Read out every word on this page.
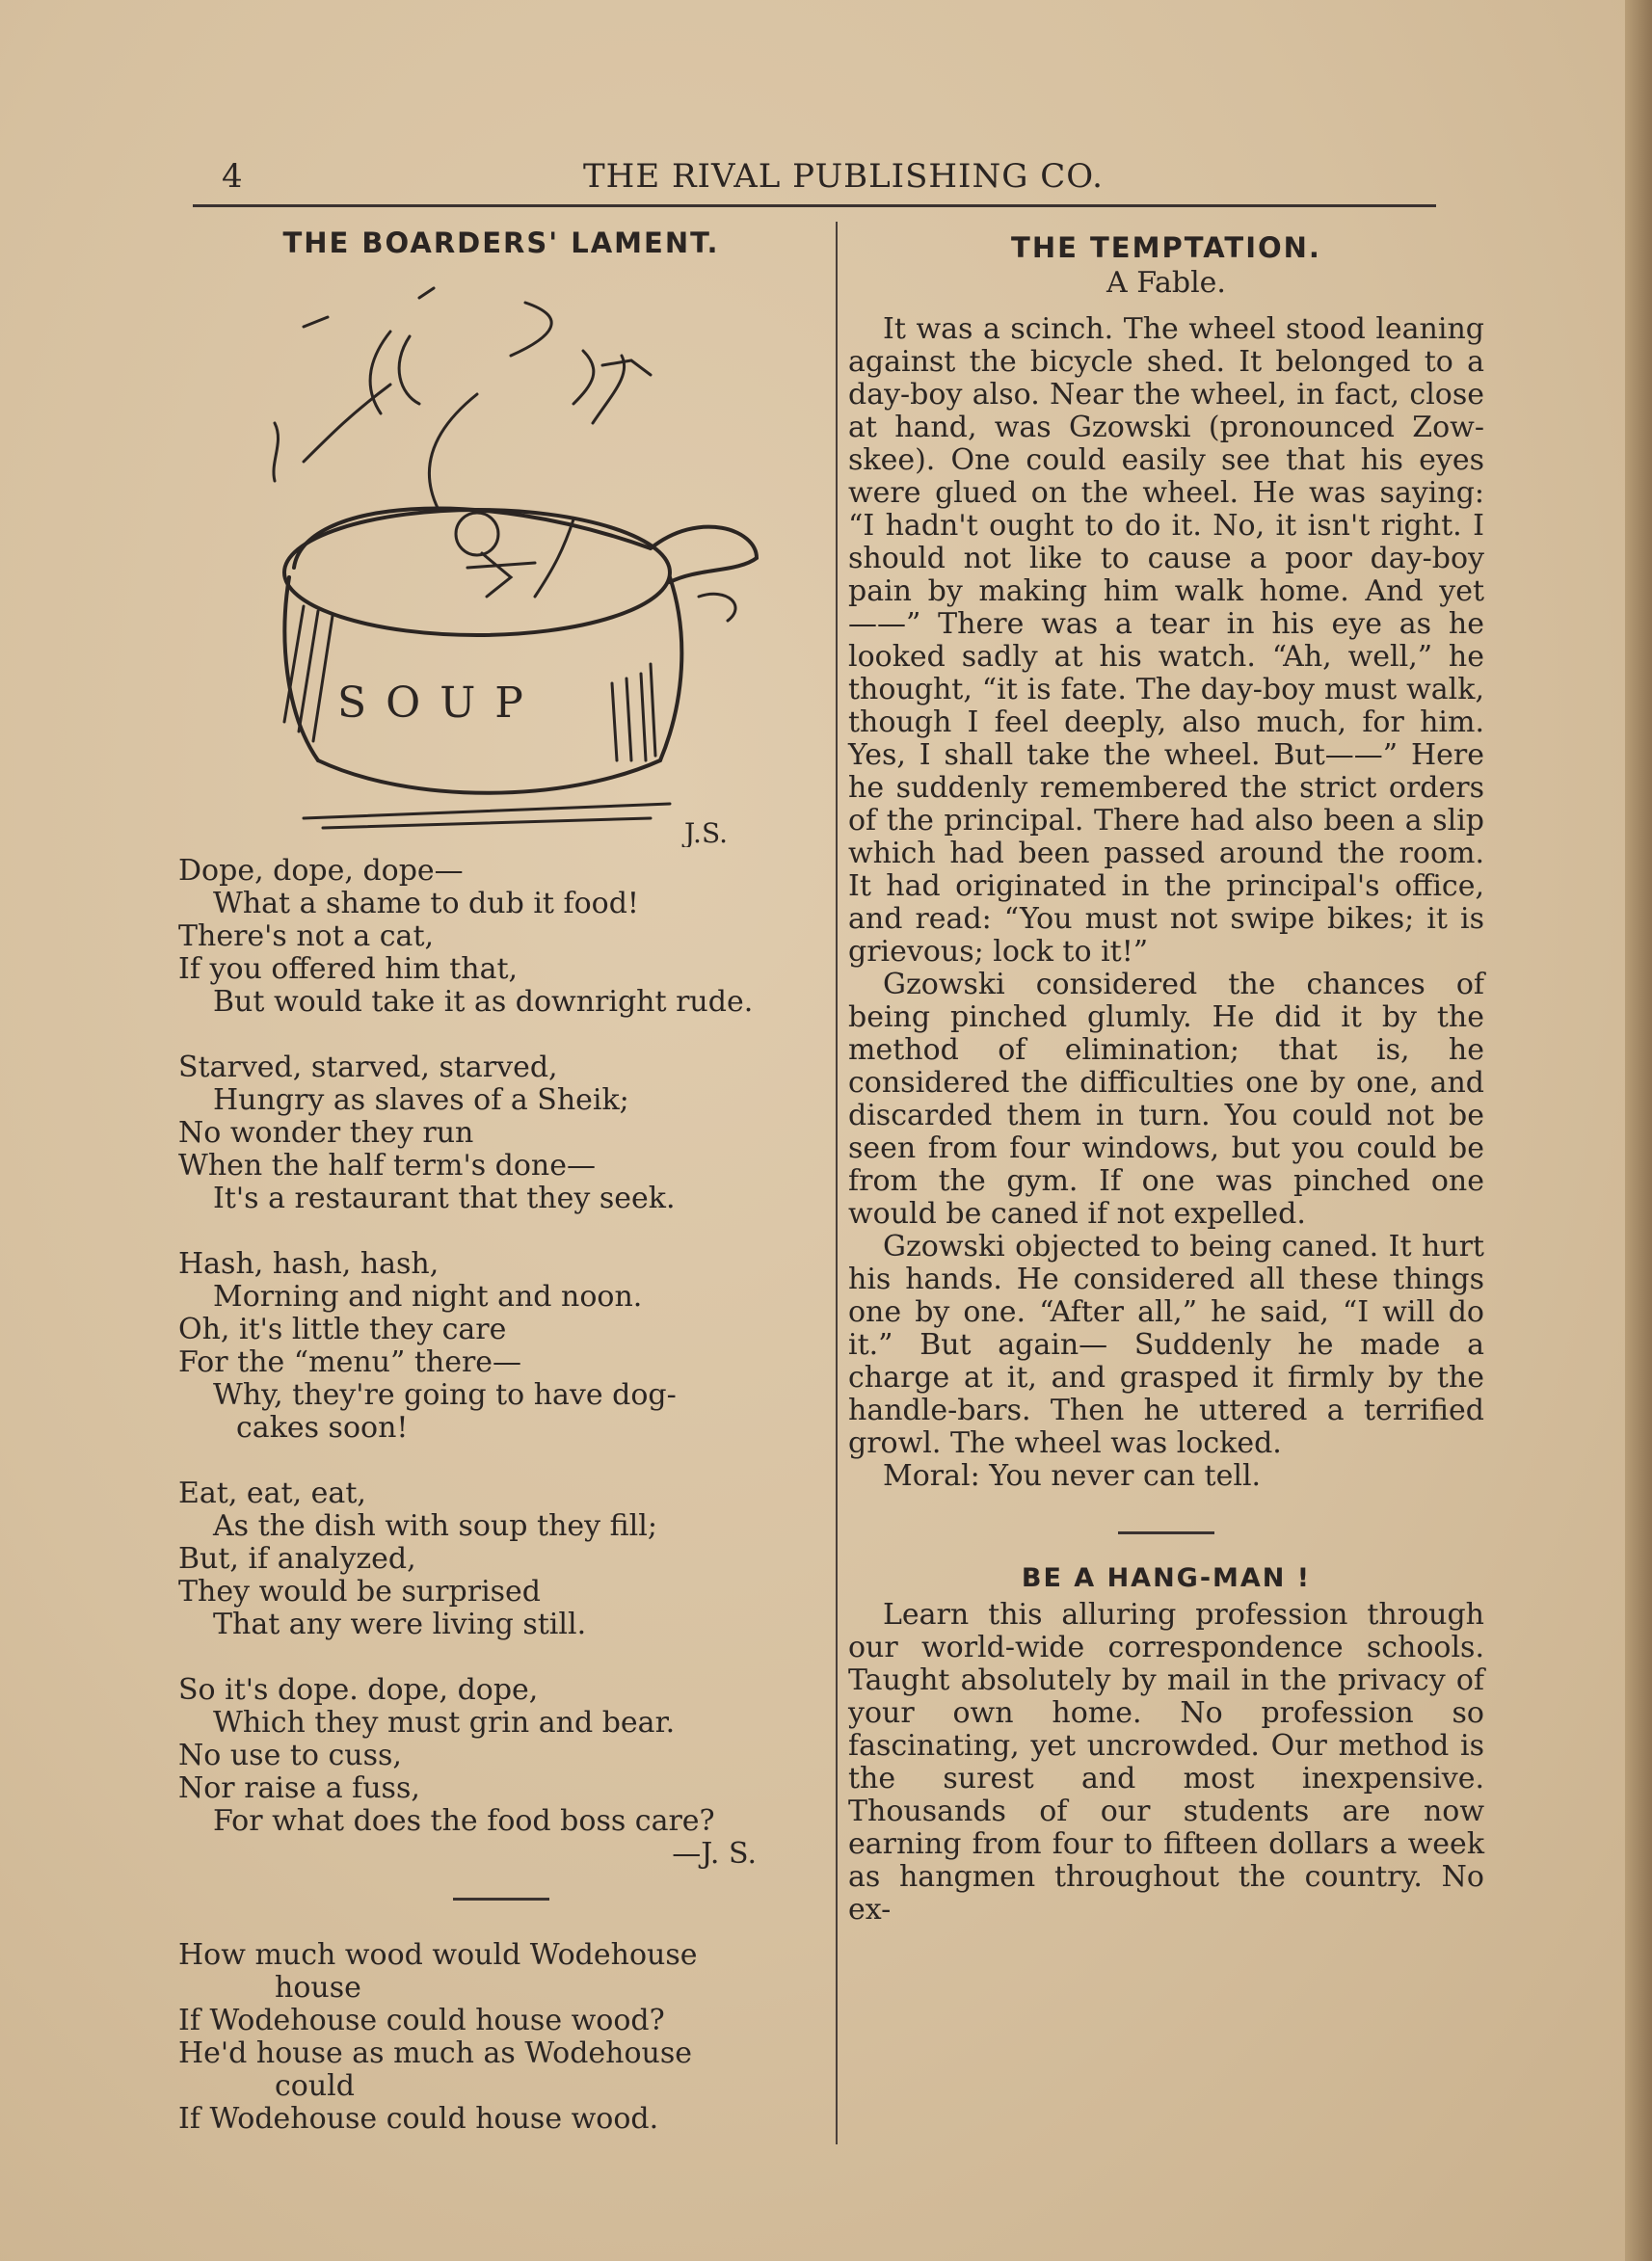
4	THE RIVAL PUBLISHING CO.
THE BOARDERS' LAMENT.
SOUP
J.S.
Dope, dope, dope—
What a shame to dub it food!
There's not a cat,
If you offered him that,
But would take it as downright rude.
Starved, starved, starved,
Hungry as slaves of a Sheik;
No wonder they run
When the half term's done—
It's a restaurant that they seek.
Hash, hash, hash,
Morning and night and noon.
Oh, it's little they care
For the “menu” there—
Why, they're going to have dog-
cakes soon!
Eat, eat, eat,
As the dish with soup they fill;
But, if analyzed,
They would be surprised
That any were living still.
So it's dope. dope, dope,
Which they must grin and bear.
No use to cuss,
Nor raise a fuss,
For what does the food boss care?
—J. S.
How much wood would Wodehouse
house
If Wodehouse could house wood?
He'd house as much as Wodehouse
could
If Wodehouse could house wood.
THE TEMPTATION.
A Fable.

It was a scinch. The wheel stood leaning against the bicycle shed. It belonged to a day-boy also. Near the wheel, in fact, close at hand, was Gzowski (pronounced Zow-skee). One could easily see that his eyes were glued on the wheel. He was saying: “I hadn't ought to do it. No, it isn't right. I should not like to cause a poor day-boy pain by making him walk home. And yet——” There was a tear in his eye as he looked sadly at his watch. “Ah, well,” he thought, “it is fate. The day-boy must walk, though I feel deeply, also much, for him. Yes, I shall take the wheel. But——” Here he suddenly remembered the strict orders of the principal. There had also been a slip which had been passed around the room. It had originated in the principal's office, and read: “You must not swipe bikes; it is grievous; lock to it!”

Gzowski considered the chances of being pinched glumly. He did it by the method of elimination; that is, he considered the difficulties one by one, and discarded them in turn. You could not be seen from four windows, but you could be from the gym. If one was pinched one would be caned if not expelled.

Gzowski objected to being caned. It hurt his hands. He considered all these things one by one. “After all,” he said, “I will do it.” But again— Suddenly he made a charge at it, and grasped it firmly by the handle-bars. Then he uttered a terrified growl. The wheel was locked.

Moral: You never can tell.

BE A HANG-MAN !

Learn this alluring profession through our world-wide correspondence schools. Taught absolutely by mail in the privacy of your own home. No profession so fascinating, yet uncrowded. Our method is the surest and most inexpensive. Thousands of our students are now earning from four to fifteen dollars a week as hangmen throughout the country. No ex-
